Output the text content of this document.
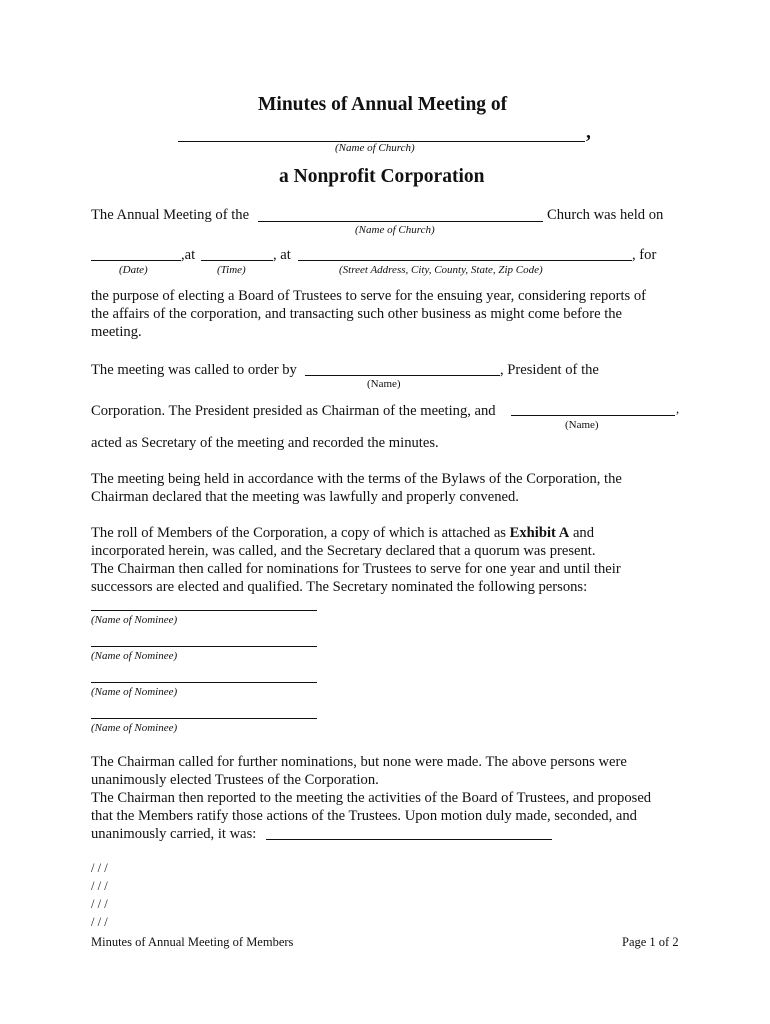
Minutes of Annual Meeting of
,
(Name of Church)
a Nonprofit Corporation
The Annual Meeting of the	Church was held on
(Name of Church)
,at	, at	, for
(Date)	(Time)	(Street Address, City, County, State, Zip Code)
the purpose of electing a Board of Trustees to serve for the ensuing year, considering reports of
the affairs of the corporation, and transacting such other business as might come before the
meeting.
The meeting was called to order by	, President of the
(Name)
Corporation. The President presided as Chairman of the meeting, and	,
(Name)
acted as Secretary of the meeting and recorded the minutes.
The meeting being held in accordance with the terms of the Bylaws of the Corporation, the
Chairman declared that the meeting was lawfully and properly convened.
The roll of Members of the Corporation, a copy of which is attached as Exhibit A and
incorporated herein, was called, and the Secretary declared that a quorum was present.
The Chairman then called for nominations for Trustees to serve for one year and until their
successors are elected and qualified. The Secretary nominated the following persons:
(Name of Nominee)
(Name of Nominee)
(Name of Nominee)
(Name of Nominee)
The Chairman called for further nominations, but none were made. The above persons were
unanimously elected Trustees of the Corporation.
The Chairman then reported to the meeting the activities of the Board of Trustees, and proposed
that the Members ratify those actions of the Trustees. Upon motion duly made, seconded, and
unanimously carried, it was:
/ / /
/ / /
/ / /
/ / /
Minutes of Annual Meeting of Members	Page 1 of 2
